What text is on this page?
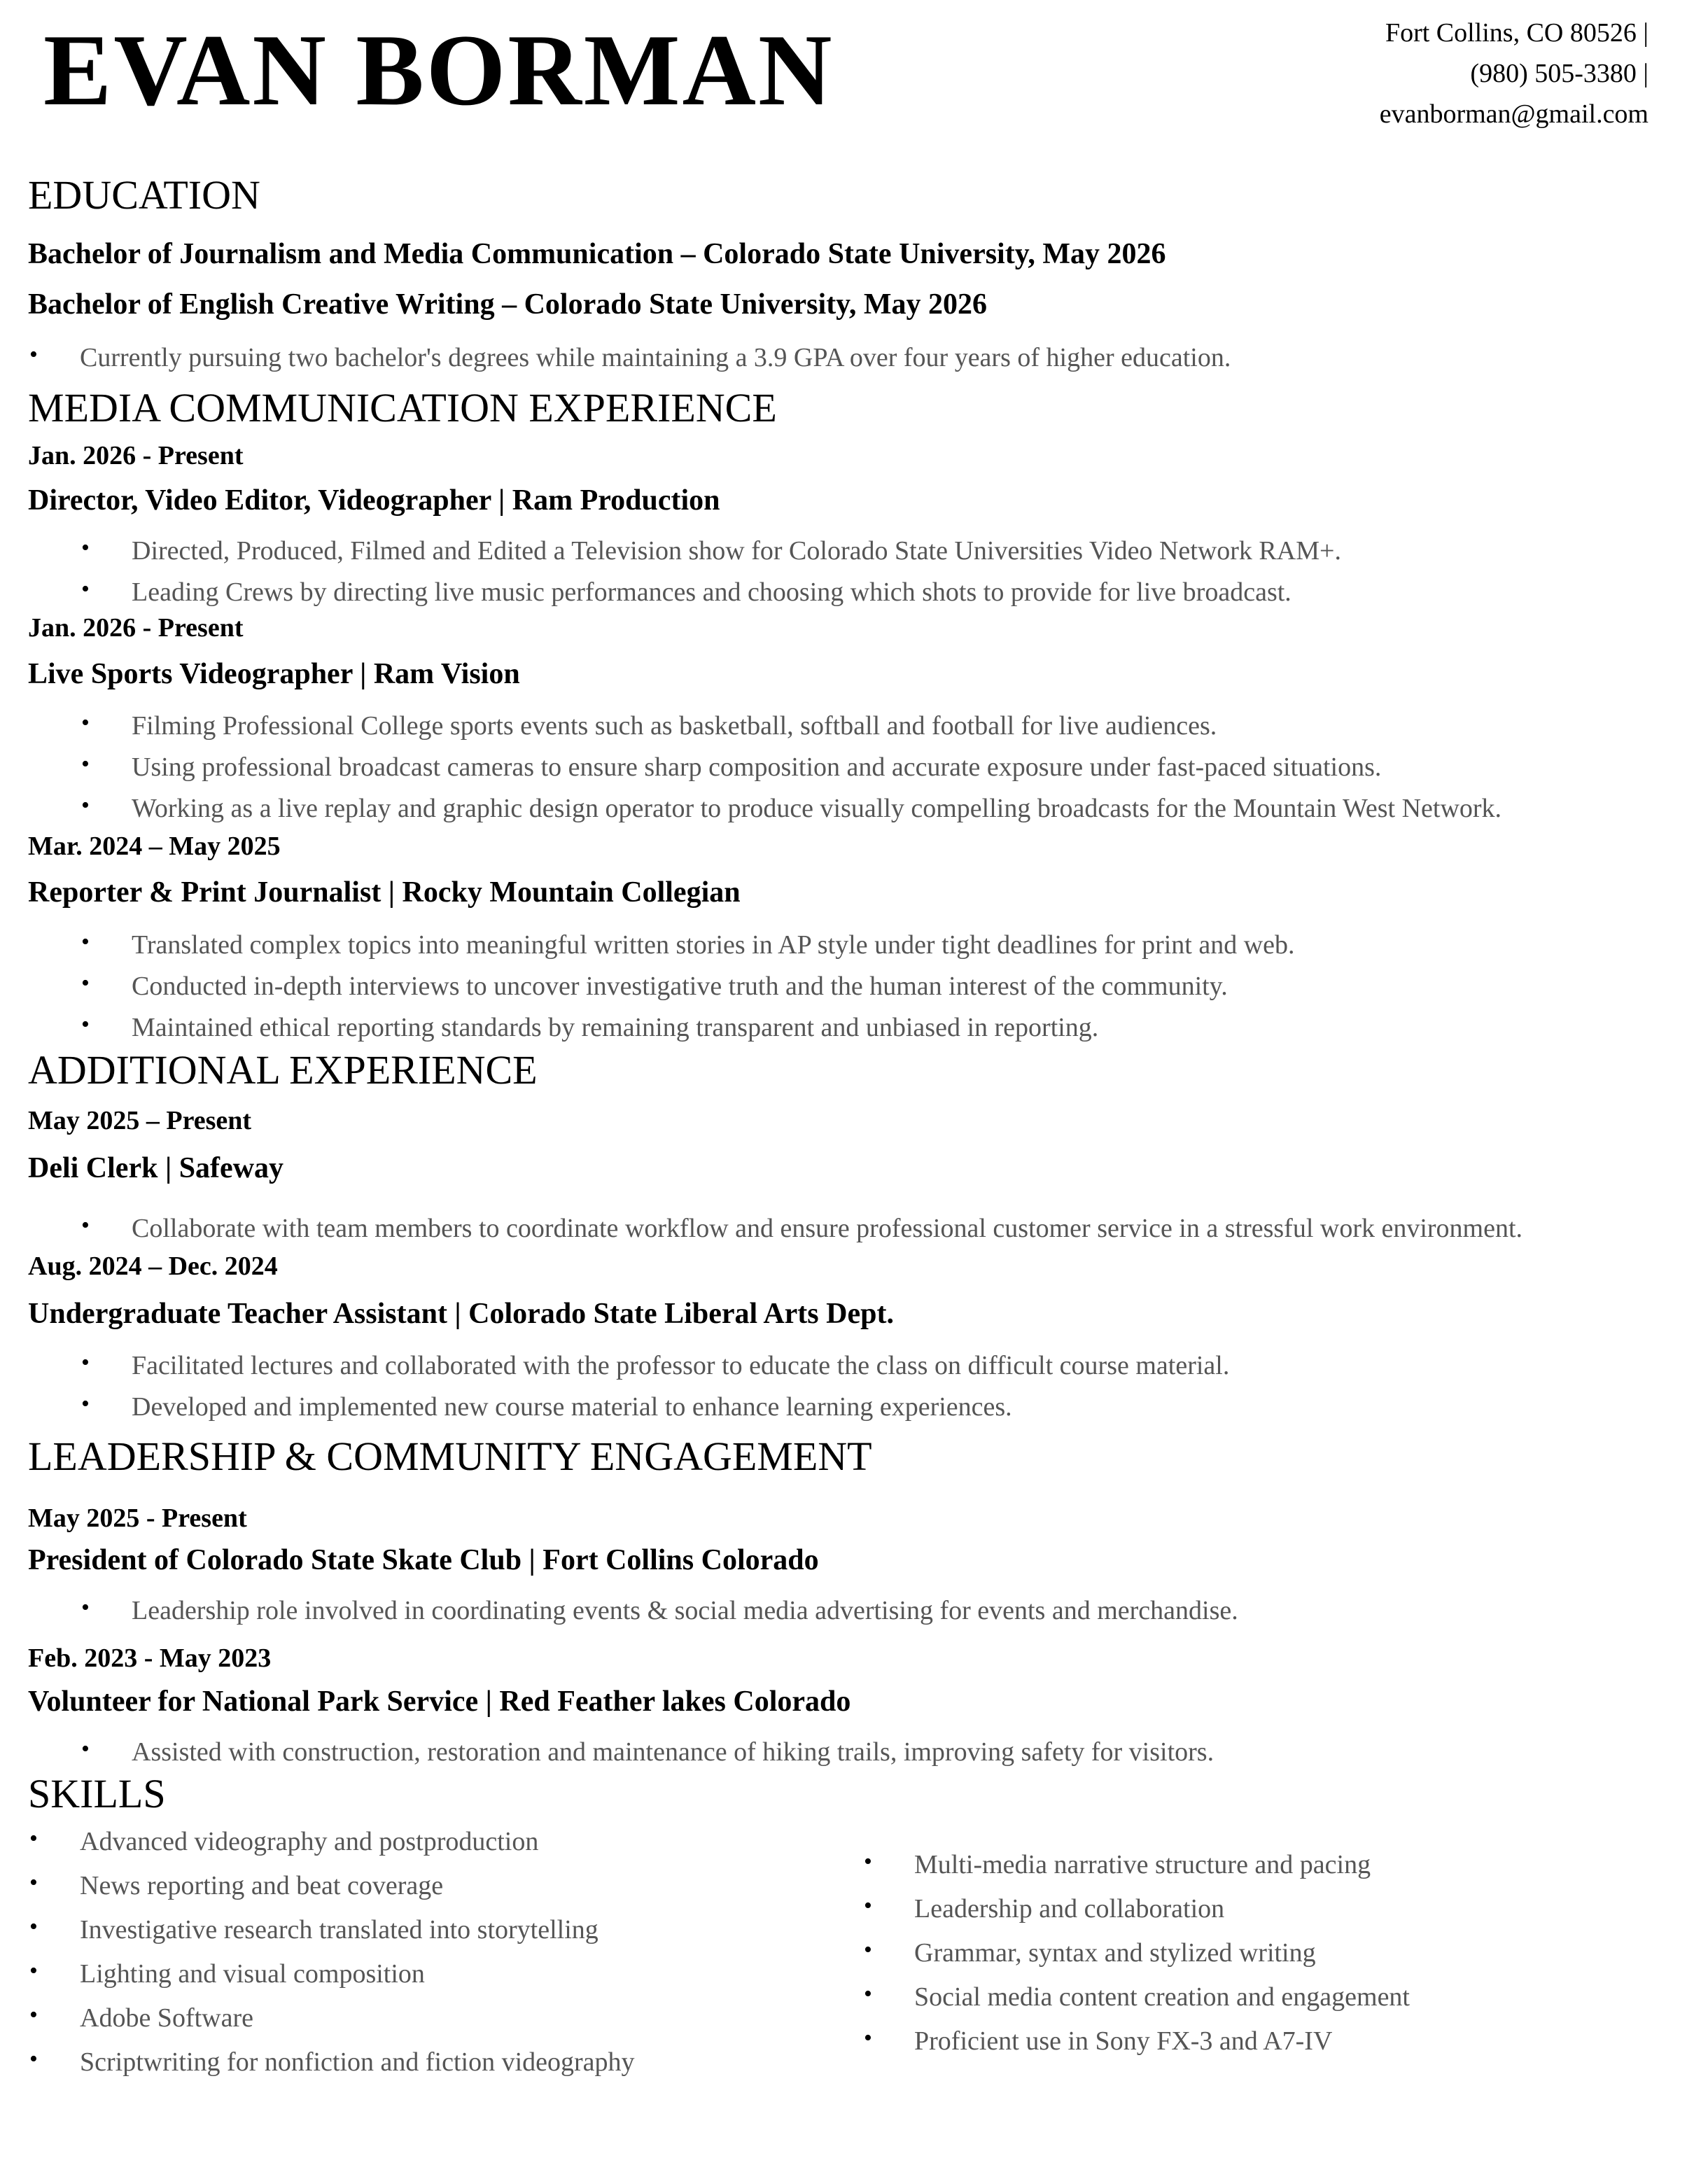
EVAN BORMAN	Fort Collins, CO 80526 |
(980) 505-3380 |
evanborman@gmail.com
EDUCATION
Bachelor of Journalism and Media Communication – Colorado State University, May 2026
Bachelor of English Creative Writing – Colorado State University, May 2026
• Currently pursuing two bachelor's degrees while maintaining a 3.9 GPA over four years of higher education.
MEDIA COMMUNICATION EXPERIENCE
Jan. 2026 - Present
Director, Video Editor, Videographer | Ram Production
• Directed, Produced, Filmed and Edited a Television show for Colorado State Universities Video Network RAM+.
• Leading Crews by directing live music performances and choosing which shots to provide for live broadcast.
Jan. 2026 - Present
Live Sports Videographer | Ram Vision
• Filming Professional College sports events such as basketball, softball and football for live audiences.
• Using professional broadcast cameras to ensure sharp composition and accurate exposure under fast-paced situations.
• Working as a live replay and graphic design operator to produce visually compelling broadcasts for the Mountain West Network.
Mar. 2024 – May 2025
Reporter & Print Journalist | Rocky Mountain Collegian
• Translated complex topics into meaningful written stories in AP style under tight deadlines for print and web.
• Conducted in-depth interviews to uncover investigative truth and the human interest of the community.
• Maintained ethical reporting standards by remaining transparent and unbiased in reporting.
ADDITIONAL EXPERIENCE
May 2025 – Present
Deli Clerk | Safeway
• Collaborate with team members to coordinate workflow and ensure professional customer service in a stressful work environment.
Aug. 2024 – Dec. 2024
Undergraduate Teacher Assistant | Colorado State Liberal Arts Dept.
• Facilitated lectures and collaborated with the professor to educate the class on difficult course material.
• Developed and implemented new course material to enhance learning experiences.
LEADERSHIP & COMMUNITY ENGAGEMENT
May 2025 - Present
President of Colorado State Skate Club | Fort Collins Colorado
• Leadership role involved in coordinating events & social media advertising for events and merchandise.
Feb. 2023 - May 2023
Volunteer for National Park Service | Red Feather lakes Colorado
• Assisted with construction, restoration and maintenance of hiking trails, improving safety for visitors.
SKILLS
• Advanced videography and postproduction
• News reporting and beat coverage
• Investigative research translated into storytelling
• Lighting and visual composition
• Adobe Software
• Scriptwriting for nonfiction and fiction videography
• Multi-media narrative structure and pacing
• Leadership and collaboration
• Grammar, syntax and stylized writing
• Social media content creation and engagement
• Proficient use in Sony FX-3 and A7-IV
